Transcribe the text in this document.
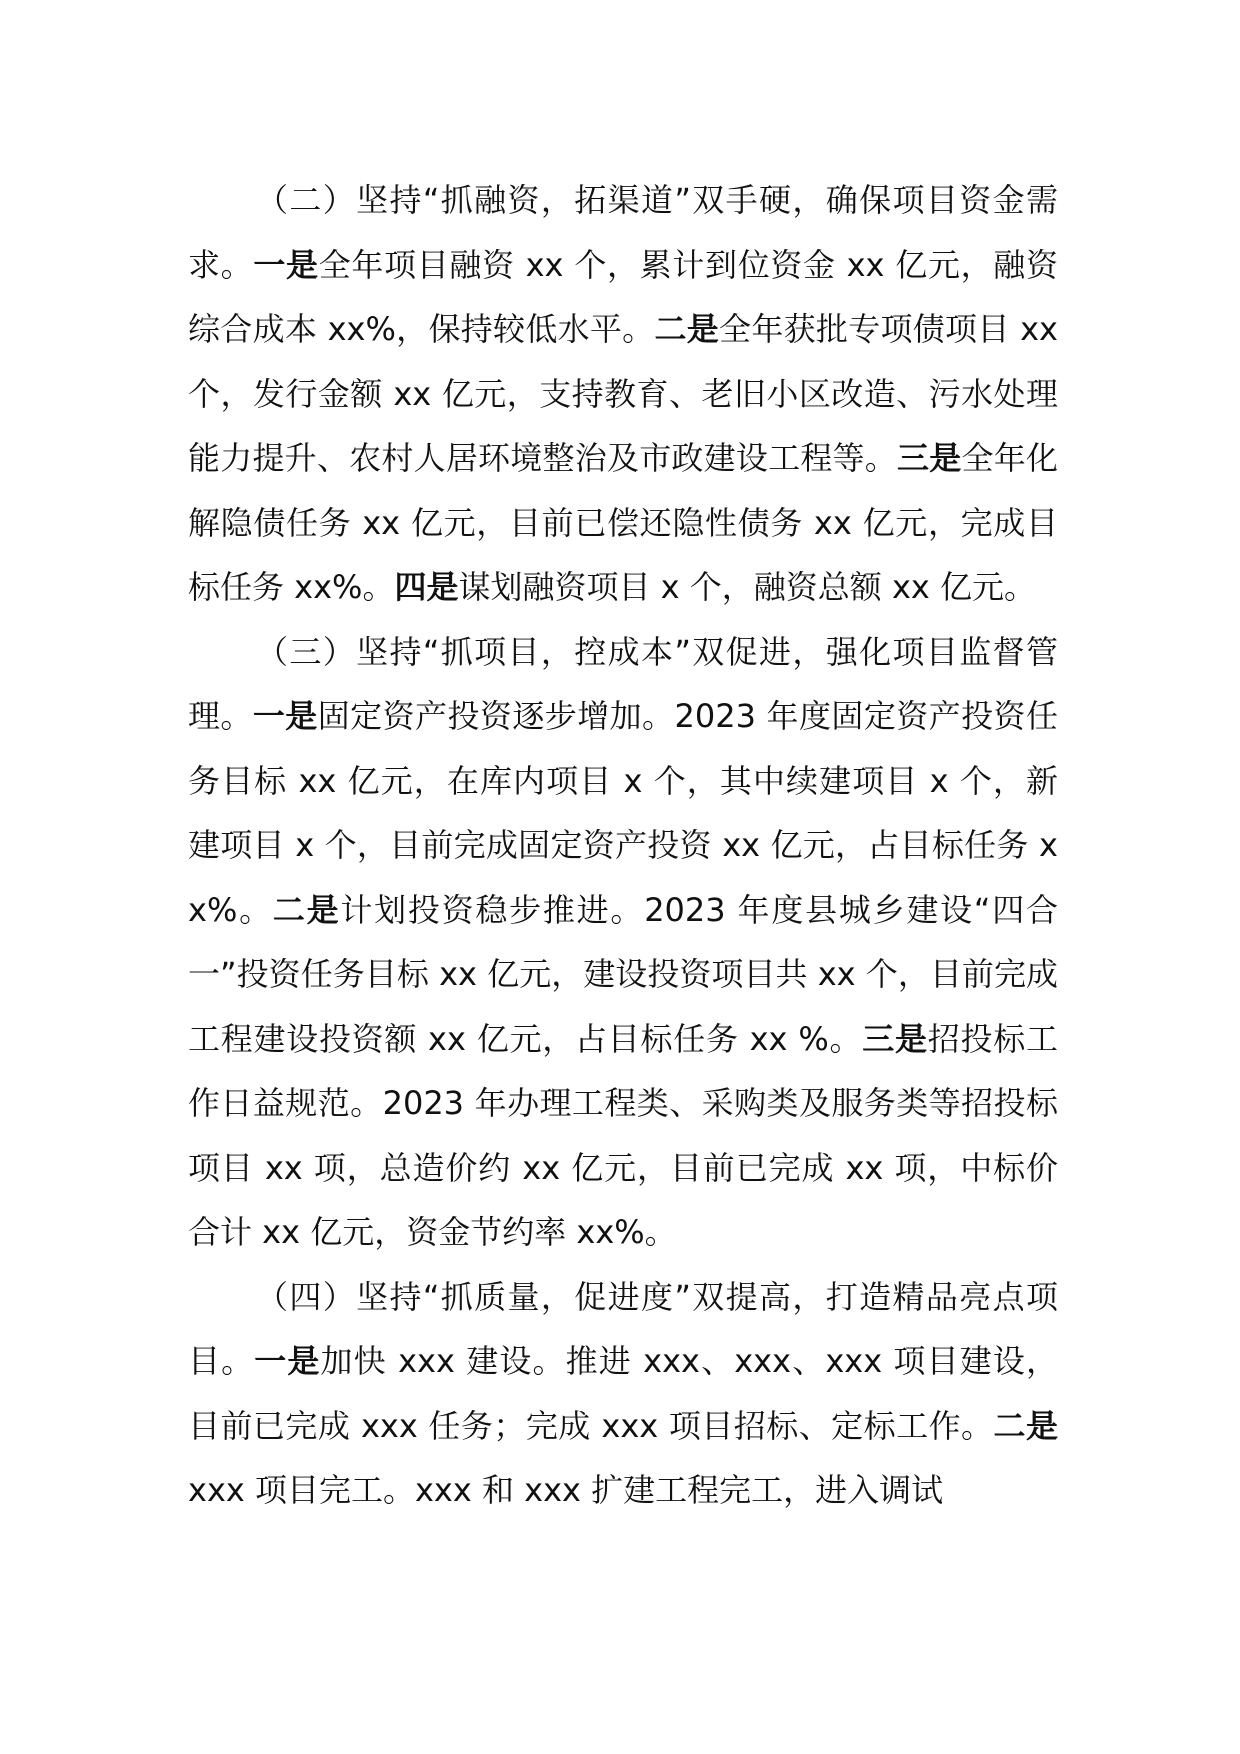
（二）坚持“抓融资，拓渠道”双手硬，确保项目资金需求。一是全年项目融资 xx 个，累计到位资金 xx 亿元，融资综合成本 xx%，保持较低水平。二是全年获批专项债项目 xx 个，发行金额 xx 亿元，支持教育、老旧小区改造、污水处理能力提升、农村人居环境整治及市政建设工程等。三是全年化解隐债任务 xx 亿元，目前已偿还隐性债务 xx 亿元，完成目标任务 xx%。四是谋划融资项目 x 个，融资总额 xx 亿元。

（三）坚持“抓项目，控成本”双促进，强化项目监督管理。一是固定资产投资逐步增加。2023 年度固定资产投资任务目标 xx 亿元，在库内项目 x 个，其中续建项目 x 个，新建项目 x 个，目前完成固定资产投资 xx 亿元，占目标任务 xx%。二是计划投资稳步推进。2023 年度县城乡建设“四合一”投资任务目标 xx 亿元，建设投资项目共 xx 个，目前完成工程建设投资额 xx 亿元，占目标任务 xx %。三是招投标工作日益规范。2023 年办理工程类、采购类及服务类等招投标项目 xx 项，总造价约 xx 亿元，目前已完成 xx 项，中标价合计 xx 亿元，资金节约率 xx%。

（四）坚持“抓质量，促进度”双提高，打造精品亮点项目。一是加快 xxx 建设。推进 xxx、xxx、xxx 项目建设，目前已完成 xxx 任务；完成 xxx 项目招标、定标工作。二是 xxx 项目完工。xxx 和 xxx 扩建工程完工，进入调试
